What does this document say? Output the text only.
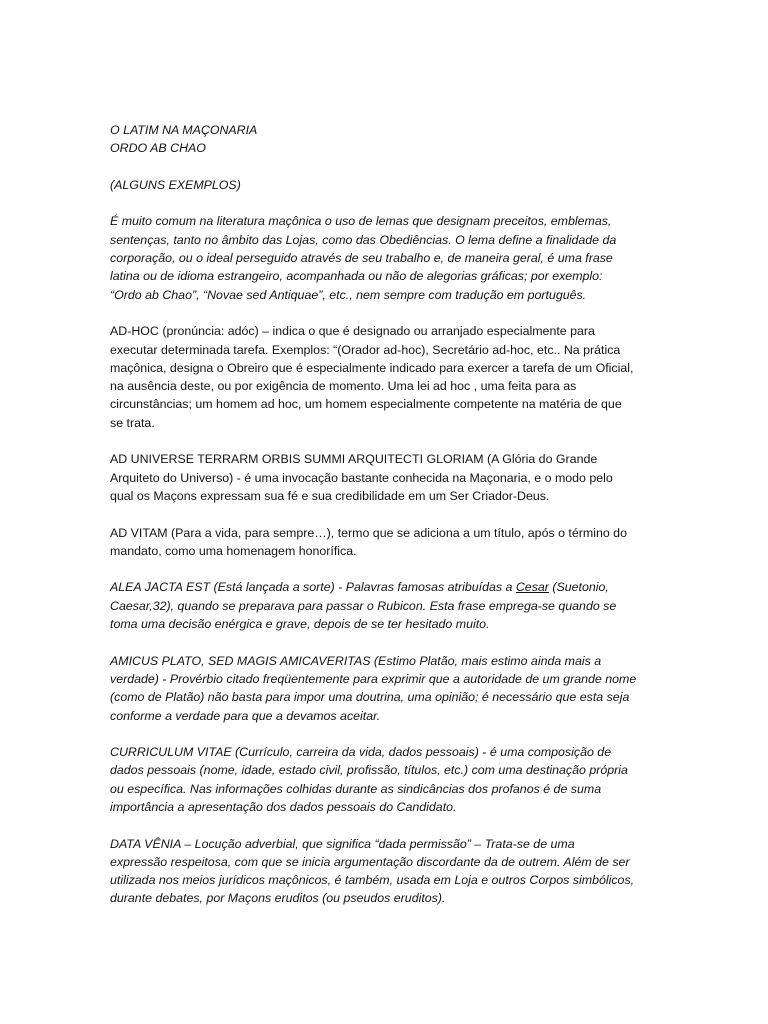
O LATIM NA MAÇONARIA

ORDO AB CHAO

(ALGUNS EXEMPLOS)

É muito comum na literatura maçônica o uso de lemas que designam preceitos, emblemas,

sentenças, tanto no âmbito das Lojas, como das Obediências. O lema define a finalidade da

corporação, ou o ideal perseguido através de seu trabalho e, de maneira geral, é uma frase

latina ou de idioma estrangeiro, acompanhada ou não de alegorias gráficas; por exemplo:

“Ordo ab Chao”, “Novae sed Antiquae”, etc., nem sempre com tradução em português.

AD-HOC (pronúncia: adóc) – indica o que é designado ou arranjado especialmente para

executar determinada tarefa. Exemplos: “(Orador ad-hoc), Secretário ad-hoc, etc.. Na prática

maçônica, designa o Obreiro que é especialmente indicado para exercer a tarefa de um Oficial,

na ausência deste, ou por exigência de momento. Uma lei ad hoc , uma feita para as

circunstâncias; um homem ad hoc, um homem especialmente competente na matéria de que

se trata.

AD UNIVERSE TERRARM ORBIS SUMMI ARQUITECTI GLORIAM (A Glória do Grande

Arquiteto do Universo) - é uma invocação bastante conhecida na Maçonaria, e o modo pelo

qual os Maçons expressam sua fé e sua credibilidade em um Ser Criador-Deus.

AD VITAM (Para a vida, para sempre…), termo que se adiciona a um título, após o término do

mandato, como uma homenagem honorífica.

ALEA JACTA EST (Está lançada a sorte) - Palavras famosas atribuídas a Cesar (Suetonio,

Caesar,32), quando se preparava para passar o Rubicon. Esta frase emprega-se quando se

toma uma decisão enérgica e grave, depois de se ter hesitado muito.

AMICUS PLATO, SED MAGIS AMICAVERITAS (Estimo Platão, mais estimo ainda mais a

verdade) - Provérbio citado freqüentemente para exprimir que a autoridade de um grande nome

(como de Platão) não basta para impor uma doutrina, uma opinião; é necessário que esta seja

conforme a verdade para que a devamos aceitar.

CURRICULUM VITAE (Currículo, carreira da vida, dados pessoais) - é uma composição de

dados pessoais (nome, idade, estado civil, profissão, títulos, etc.) com uma destinação própria

ou específica. Nas informações colhidas durante as sindicâncias dos profanos é de suma

importância a apresentação dos dados pessoais do Candidato.

DATA VÊNIA – Locução adverbial, que significa “dada permissão” – Trata-se de uma

expressão respeitosa, com que se inicia argumentação discordante da de outrem. Além de ser

utilizada nos meios jurídicos maçônicos, é também, usada em Loja e outros Corpos simbólicos,

durante debates, por Maçons eruditos (ou pseudos eruditos).
